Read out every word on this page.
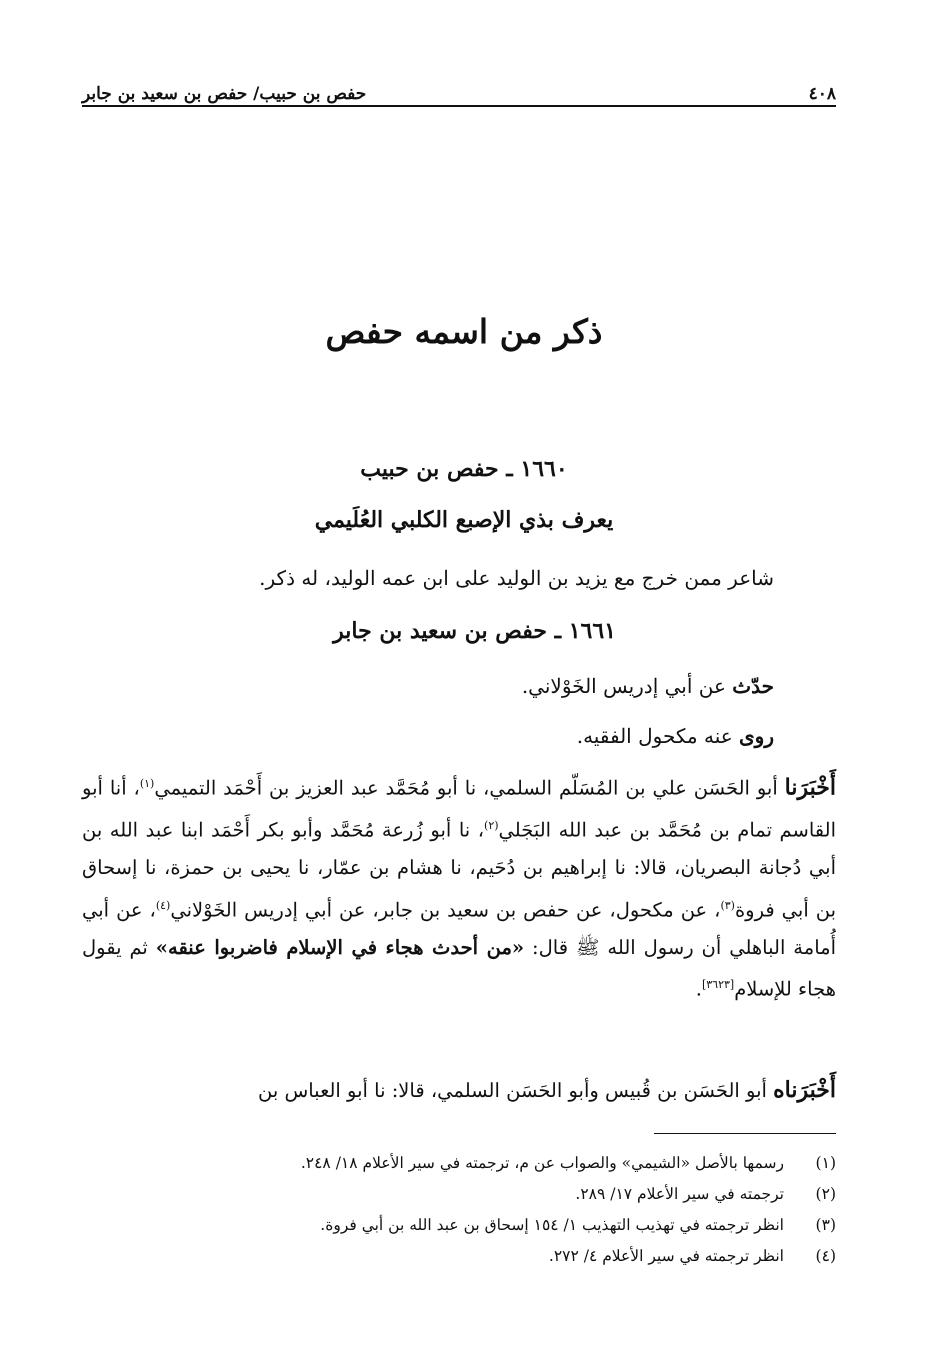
٤٠٨
حفص بن حبيب/ حفص بن سعيد بن جابر
ذكر من اسمه حفص
١٦٦٠ ـ حفص بن حبيب
يعرف بذي الإصبع الكلبي العُلَيمي
شاعر ممن خرج مع يزيد بن الوليد على ابن عمه الوليد، له ذكر.
١٦٦١ ـ حفص بن سعيد بن جابر
حدّث عن أبي إدريس الخَوْلاني.
روى عنه مكحول الفقيه.
أَخْبَرَنا أبو الحَسَن علي بن المُسَلّم السلمي، نا أبو مُحَمَّد عبد العزيز بن أَحْمَد التميمي$^{(١)}$، أنا أبو القاسم تمام بن مُحَمَّد بن عبد الله البَجَلي$^{(٢)}$، نا أبو زُرعة مُحَمَّد وأبو بكر أَحْمَد ابنا عبد الله بن أبي دُجانة البصريان، قالا: نا إبراهيم بن دُحَيم، نا هشام بن عمّار، نا يحيى بن حمزة، نا إسحاق بن أبي فروة$^{(٣)}$، عن مكحول، عن حفص بن سعيد بن جابر، عن أبي إدريس الخَوْلاني$^{(٤)}$، عن أبي أُمامة الباهلي أن رسول الله ﷺ قال: «من أحدث هجاء في الإسلام فاضربوا عنقه» ثم يقول هجاء للإسلام[٣٦٢٣].
أَخْبَرَناه أبو الحَسَن بن قُبيس وأبو الحَسَن السلمي، قالا: نا أبو العباس بن
(١)
رسمها بالأصل «الشيمي» والصواب عن م، ترجمته في سير الأعلام ١٨/ ٢٤٨.
(٢)
ترجمته في سير الأعلام ١٧/ ٢٨٩.
(٣)
انظر ترجمته في تهذيب التهذيب ١/ ١٥٤ إسحاق بن عبد الله بن أبي فروة.
(٤)
انظر ترجمته في سير الأعلام ٤/ ٢٧٢.
